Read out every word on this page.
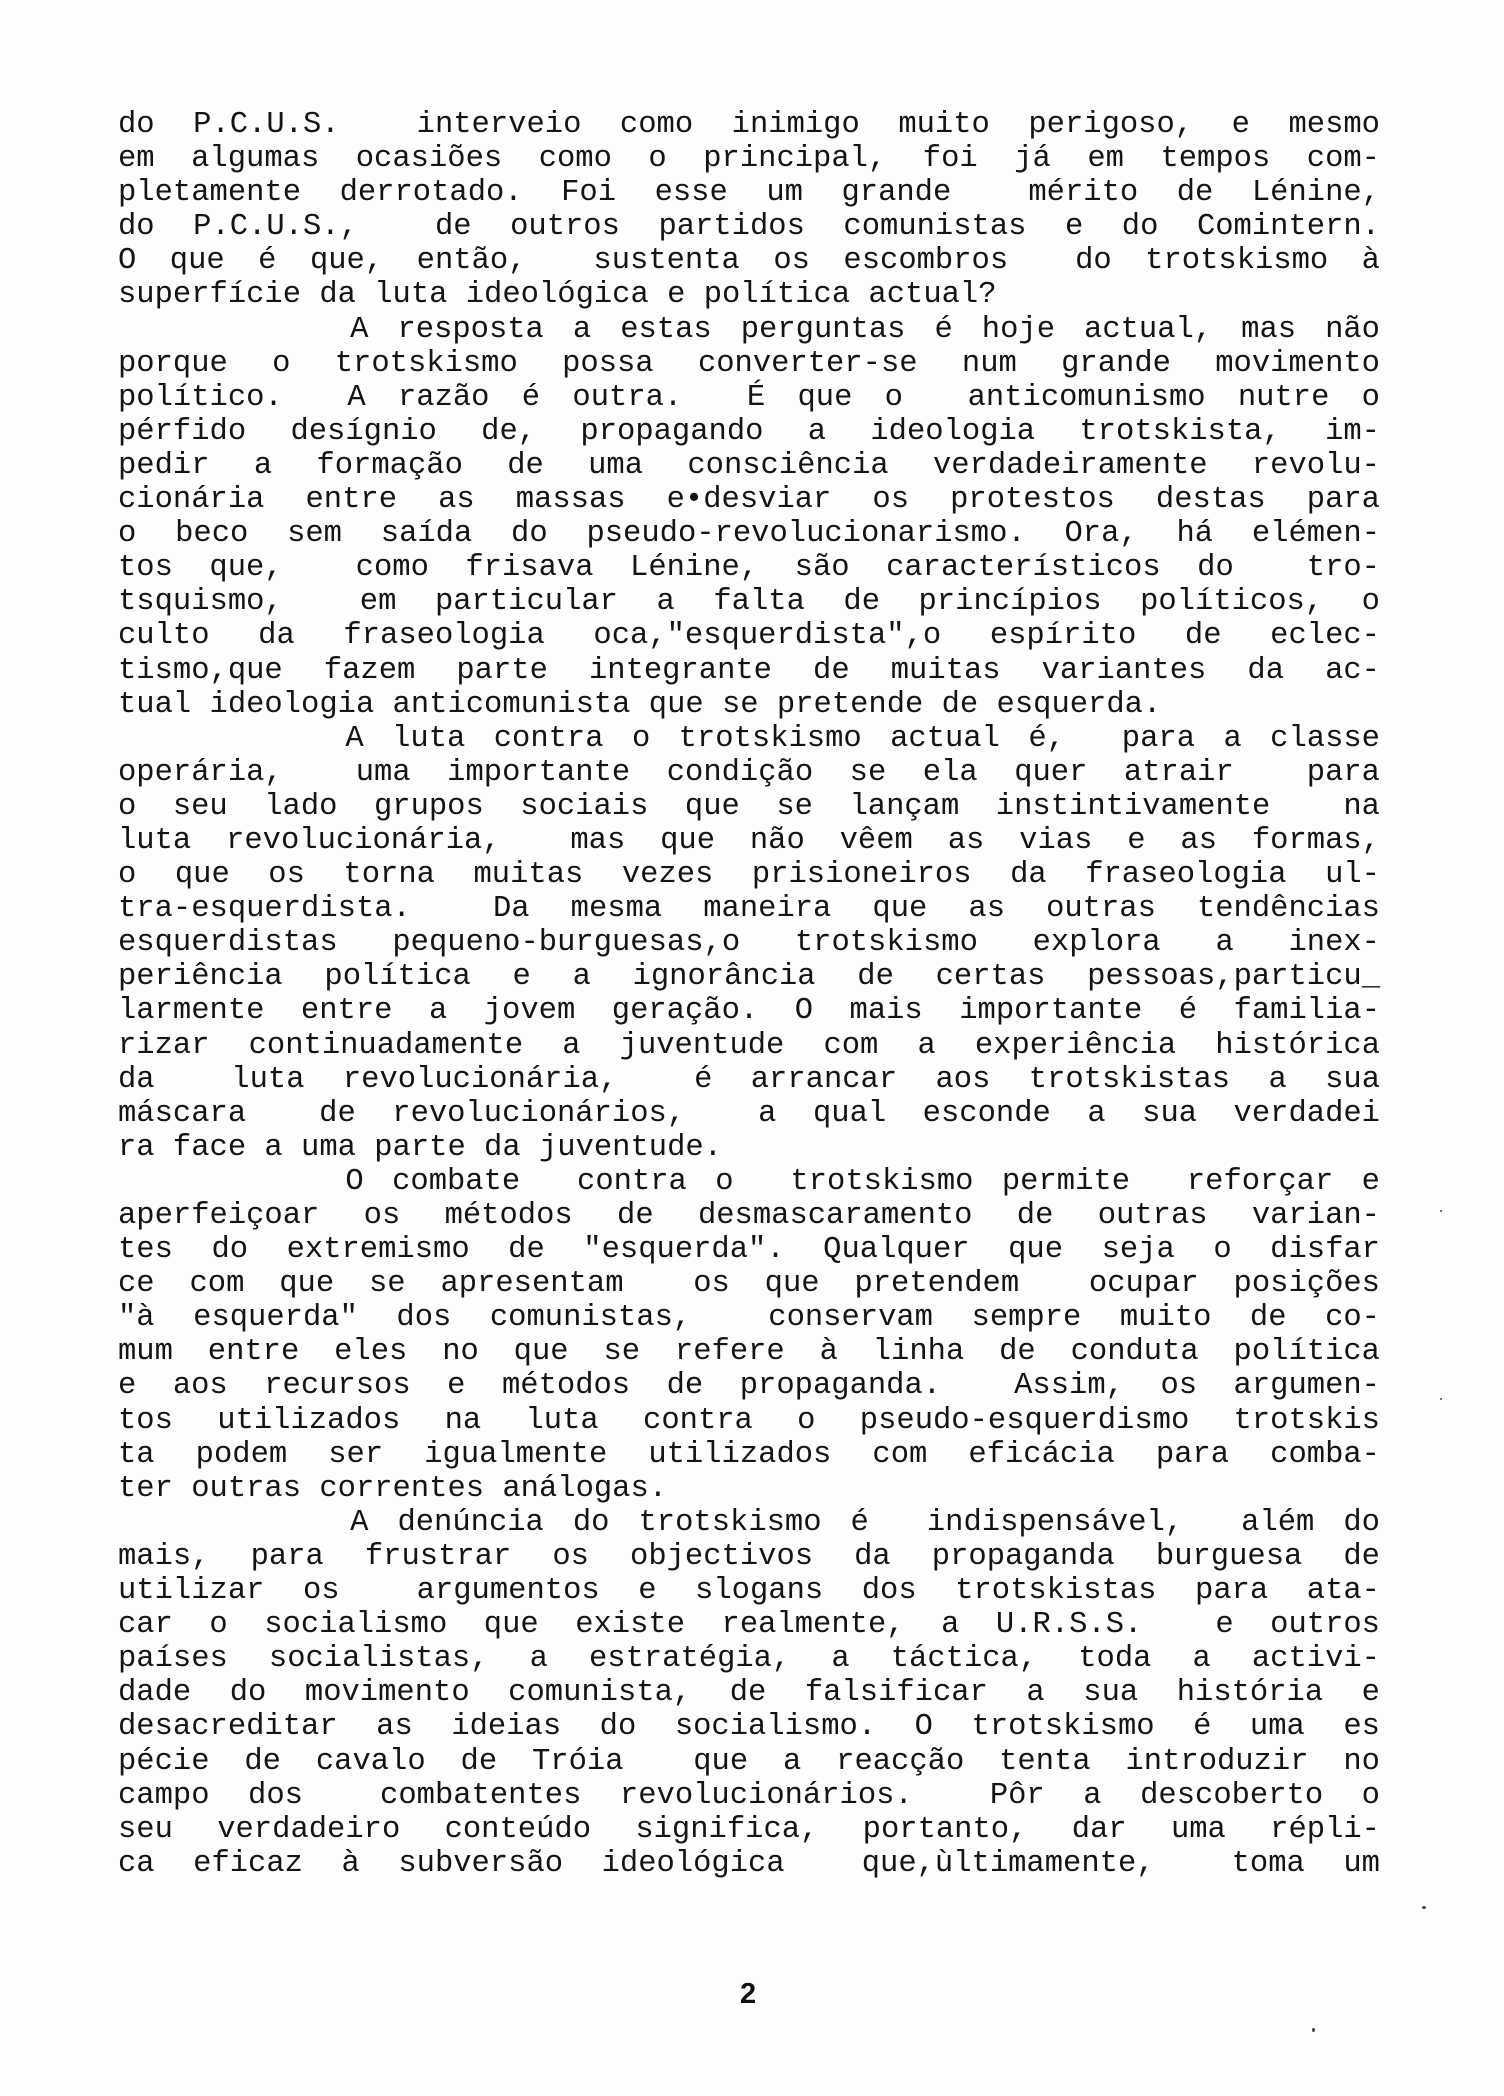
do P.C.U.S.  interveio como inimigo muito perigoso, e mesmo
em algumas ocasiões como o principal, foi já em tempos com-
pletamente derrotado. Foi esse um grande  mérito de Lénine,
do P.C.U.S.,  de outros partidos comunistas e do Comintern.
O que é que, então,  sustenta os escombros  do trotskismo à
superfície da luta ideológica e política actual?
A resposta a estas perguntas é hoje actual, mas não
porque o trotskismo possa converter-se num grande movimento
político.  A razão é outra.  É que o  anticomunismo nutre o
pérfido desígnio de, propagando a ideologia trotskista, im-
pedir a formação de uma consciência verdadeiramente revolu-
cionária entre as massas e•desviar os protestos destas para
o beco sem saída do pseudo-revolucionarismo. Ora, há elémen-
tos que,  como frisava Lénine, são característicos do  tro-
tsquismo,  em particular a falta de princípios políticos, o
culto da fraseologia oca,"esquerdista",o espírito de eclec-
tismo,que fazem parte integrante de muitas variantes da ac-
tual ideologia anticomunista que se pretende de esquerda.
A luta contra o trotskismo actual é,  para a classe
operária,  uma importante condição se ela quer atrair  para
o seu lado grupos sociais que se lançam instintivamente  na
luta revolucionária,  mas que não vêem as vias e as formas,
o que os torna muitas vezes prisioneiros da fraseologia ul-
tra-esquerdista.  Da mesma maneira que as outras tendências
esquerdistas pequeno-burguesas,o trotskismo explora a inex-
periência política e a ignorância de certas pessoas,particu_
larmente entre a jovem geração. O mais importante é familia-
rizar continuadamente a juventude com a experiência histórica
da  luta revolucionária,  é arrancar aos trotskistas a sua
máscara  de revolucionários,  a qual esconde a sua verdadei
ra face a uma parte da juventude.
O combate  contra o  trotskismo permite  reforçar e
aperfeiçoar os métodos de desmascaramento de outras varian-
tes do extremismo de "esquerda". Qualquer que seja o disfar
ce com que se apresentam  os que pretendem  ocupar posições
"à esquerda" dos comunistas,  conservam sempre muito de co-
mum entre eles no que se refere à linha de conduta política
e aos recursos e métodos de propaganda.  Assim, os argumen-
tos utilizados na luta contra o pseudo-esquerdismo trotskis
ta podem ser igualmente utilizados com eficácia para comba-
ter outras correntes análogas.
A denúncia do trotskismo é  indispensável,  além do
mais, para frustrar os objectivos da propaganda burguesa de
utilizar os  argumentos e slogans dos trotskistas para ata-
car o socialismo que existe realmente, a U.R.S.S.  e outros
países socialistas, a estratégia, a táctica, toda a activi-
dade do movimento comunista, de falsificar a sua história e
desacreditar as ideias do socialismo. O trotskismo é uma es
pécie de cavalo de Tróia  que a reacção tenta introduzir no
campo dos  combatentes revolucionários.  Pôr a descoberto o
seu verdadeiro conteúdo significa, portanto, dar uma répli-
ca eficaz à subversão ideológica  que,ùltimamente,  toma um
2
